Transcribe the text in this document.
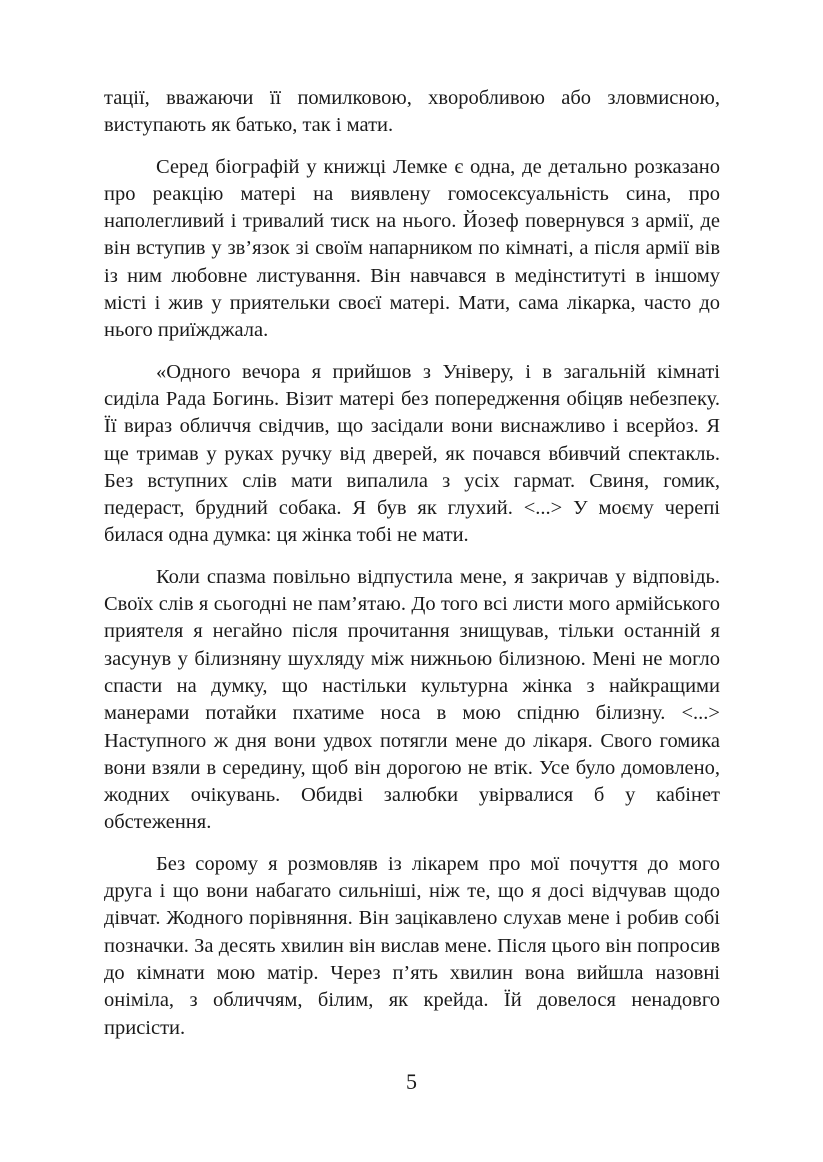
тації, вважаючи її помилковою, хворобливою або зловмисною, виступають як батько, так і мати.

Серед біографій у книжці Лемке є одна, де детально розказано про реакцію матері на виявлену гомосексуальність сина, про наполегливий і тривалий тиск на нього. Йозеф повернувся з армії, де він вступив у зв’язок зі своїм напарником по кімнаті, а після армії вів із ним любовне листування. Він навчався в медінституті в іншому місті і жив у приятельки своєї матері. Мати, сама лікарка, часто до нього приїжджала.

«Одного вечора я прийшов з Універу, і в загальній кімнаті сиділа Рада Богинь. Візит матері без попередження обіцяв небезпеку. Її вираз обличчя свідчив, що засідали вони виснажливо і всерйоз. Я ще тримав у руках ручку від дверей, як почався вбивчий спектакль. Без вступних слів мати випалила з усіх гармат. Свиня, гомик, педераст, брудний собака. Я був як глухий. <...> У моєму черепі билася одна думка: ця жінка тобі не мати.

Коли спазма повільно відпустила мене, я закричав у відповідь. Своїх слів я сьогодні не пам’ятаю. До того всі листи мого армійського приятеля я негайно після прочитання знищував, тільки останній я засунув у білизняну шухляду між нижньою білизною. Мені не могло спасти на думку, що настільки культурна жінка з найкращими манерами потайки пхатиме носа в мою спідню білизну. <...> Наступного ж дня вони удвох потягли мене до лікаря. Свого гомика вони взяли в середину, щоб він дорогою не втік. Усе було домовлено, жодних очікувань. Обидві залюбки увірвалися б у кабінет обстеження.

Без сорому я розмовляв із лікарем про мої почуття до мого друга і що вони набагато сильніші, ніж те, що я досі відчував щодо дівчат. Жодного порівняння. Він зацікавлено слухав мене і робив собі позначки. За десять хвилин він вислав мене. Після цього він попросив до кімнати мою матір. Через п’ять хвилин вона вийшла назовні оніміла, з обличчям, білим, як крейда. Їй довелося ненадовго присісти.

5
